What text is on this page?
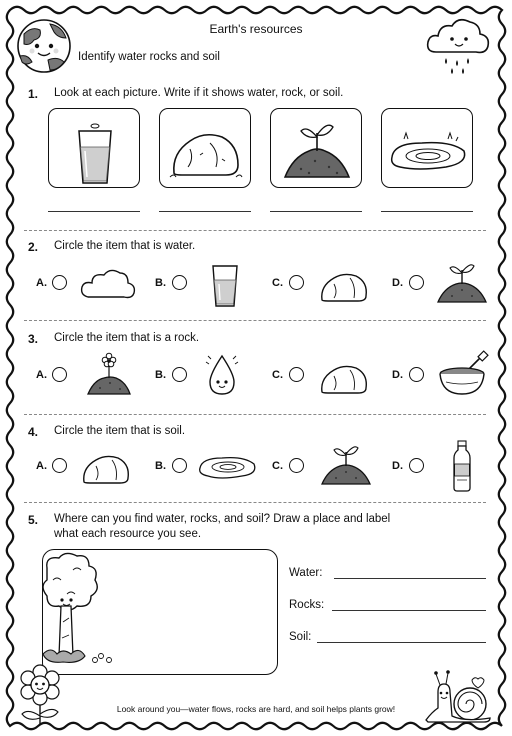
Earth's resources
Identify water rocks and soil
1. Look at each picture. Write if it shows water, rock, or soil.
2. Circle the item that is water.
A.	B.	C.	D.
3. Circle the item that is a rock.
A.	B.	C.	D.
4. Circle the item that is soil.
A.	B.	C.	D.
5. Where can you find water, rocks, and soil? Draw a place and label
what each resource you see.
Water:
Rocks:
Soil:
Look around you—water flows, rocks are hard, and soil helps plants grow!
